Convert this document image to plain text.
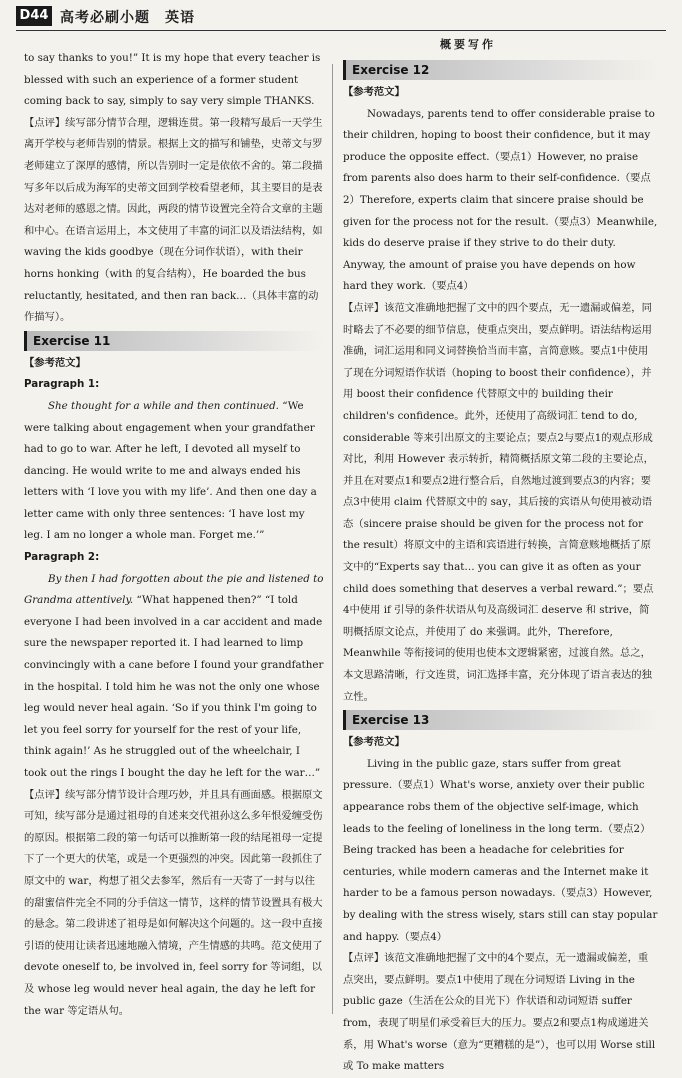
D44 高考必刷小题　英语
概要写作

to say thanks to you!” It is my hope that every teacher is blessed with such an experience of a former student coming back to say, simply to say very simple THANKS.

【点评】续写部分情节合理，逻辑连贯。第一段精写最后一天学生离开学校与老师告别的情景。根据上文的描写和铺垫，史蒂文与罗老师建立了深厚的感情，所以告别时一定是依依不舍的。第二段描写多年以后成为海军的史蒂文回到学校看望老师，其主要目的是表达对老师的感恩之情。因此，两段的情节设置完全符合文章的主题和中心。在语言运用上，本文使用了丰富的词汇以及语法结构，如 waving the kids goodbye（现在分词作状语），with their horns honking（with 的复合结构），He boarded the bus reluctantly, hesitated, and then ran back…（具体丰富的动作描写）。

Exercise 11

【参考范文】

Paragraph 1:

She thought for a while and then continued. “We were talking about engagement when your grandfather had to go to war. After he left, I devoted all myself to dancing. He would write to me and always ended his letters with ‘I love you with my life’. And then one day a letter came with only three sentences: ‘I have lost my leg. I am no longer a whole man. Forget me.’”

Paragraph 2:

By then I had forgotten about the pie and listened to Grandma attentively. “What happened then?” “I told everyone I had been involved in a car accident and made sure the newspaper reported it. I had learned to limp convincingly with a cane before I found your grandfather in the hospital. I told him he was not the only one whose leg would never heal again. ‘So if you think I'm going to let you feel sorry for yourself for the rest of your life, think again!’ As he struggled out of the wheelchair, I took out the rings I bought the day he left for the war…”

【点评】续写部分情节设计合理巧妙，并且具有画面感。根据原文可知，续写部分是通过祖母的自述来交代祖孙这么多年恨爱缠受伤的原因。根据第二段的第一句话可以推断第一段的结尾祖母一定提下了一个更大的伏笔，或是一个更强烈的冲突。因此第一段抓住了原文中的 war，构想了祖父去参军，然后有一天寄了一封与以往的甜蜜信件完全不同的分手信这一情节，这样的情节设置具有极大的悬念。第二段讲述了祖母是如何解决这个问题的。这一段中直接引语的使用让读者迅速地融入情境，产生情感的共鸣。范文使用了 devote oneself to, be involved in, feel sorry for 等词组，以及 whose leg would never heal again, the day he left for the war 等定语从句。

Exercise 12

【参考范文】

Nowadays, parents tend to offer considerable praise to their children, hoping to boost their confidence, but it may produce the opposite effect.（要点1）However, no praise from parents also does harm to their self-confidence.（要点2）Therefore, experts claim that sincere praise should be given for the process not for the result.（要点3）Meanwhile, kids do deserve praise if they strive to do their duty. Anyway, the amount of praise you have depends on how hard they work.（要点4）

【点评】该范文准确地把握了文中的四个要点，无一遗漏或偏差，同时略去了不必要的细节信息，使重点突出，要点鲜明。语法结构运用准确，词汇运用和同义词替换恰当而丰富，言简意赅。要点1中使用了现在分词短语作状语（hoping to boost their confidence），并用 boost their confidence 代替原文中的 building their children's confidence。此外，还使用了高级词汇 tend to do, considerable 等来引出原文的主要论点；要点2与要点1的观点形成对比，利用 However 表示转折，精简概括原文第二段的主要论点，并且在对要点1和要点2进行整合后，自然地过渡到要点3的内容；要点3中使用 claim 代替原文中的 say，其后接的宾语从句使用被动语态（sincere praise should be given for the process not for the result）将原文中的主语和宾语进行转换，言简意赅地概括了原文中的“Experts say that… you can give it as often as your child does something that deserves a verbal reward.”；要点4中使用 if 引导的条件状语从句及高级词汇 deserve 和 strive，简明概括原文论点，并使用了 do 来强调。此外，Therefore, Meanwhile 等衔接词的使用也使本文逻辑紧密，过渡自然。总之，本文思路清晰，行文连贯，词汇选择丰富，充分体现了语言表达的独立性。

Exercise 13

【参考范文】

Living in the public gaze, stars suffer from great pressure.（要点1）What's worse, anxiety over their public appearance robs them of the objective self-image, which leads to the feeling of loneliness in the long term.（要点2）Being tracked has been a headache for celebrities for centuries, while modern cameras and the Internet make it harder to be a famous person nowadays.（要点3）However, by dealing with the stress wisely, stars still can stay popular and happy.（要点4）

【点评】该范文准确地把握了文中的4个要点，无一遗漏或偏差，重点突出，要点鲜明。要点1中使用了现在分词短语 Living in the public gaze（生活在公众的目光下）作状语和动词短语 suffer from，表现了明星们承受着巨大的压力。要点2和要点1构成递进关系，用 What's worse（意为“更糟糕的是”），也可以用 Worse still 或 To make matters
